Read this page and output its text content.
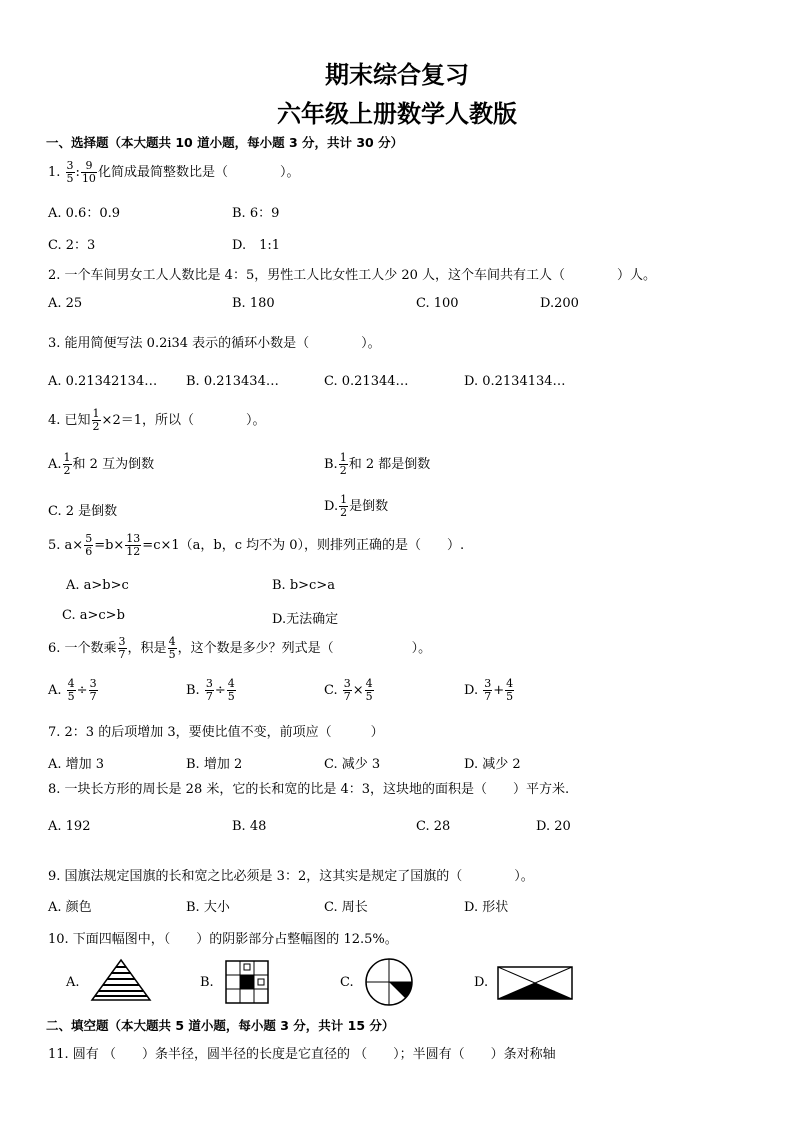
期末综合复习
六年级上册数学人教版
一、选择题（本大题共 10 道小题，每小题 3 分，共计 30 分）
1. $\frac{3}{5}$ : $\frac{9}{10}$ 化简成最简整数比是（　　　　）。
A. 0.6：0.9	B. 6：9
C. 2：3	D.　1:1
2. 一个车间男女工人人数比是 4：5，男性工人比女性工人少 20 人，这个车间共有工人（　　　　）人。
A. 25	B. 180	C. 100	D.200
3. 能用简便写法 0.2i34 表示的循环小数是（　　　　）。
A. 0.21342134… B. 0.213434…	C. 0.21344…	D. 0.2134134…
4. 已知 $\frac{1}{2} \times 2=1$，所以（　　　　）。
A. $\frac{1}{2}$ 和 2 互为倒数	B. $\frac{1}{2}$ 和 2 都是倒数
C. 2 是倒数	D. $\frac{1}{2}$ 是倒数
5. $a\times \frac{5}{6} =b\times \frac{13}{12} =c\times 1(a$，b，c 均不为 0），则排列正确的是（　　）.
A. a>b>c	B. b>c>a
C. a>c>b	D.无法确定
6. 一个数乘 $\frac{3}{7}$ ，积是 $\frac{4}{5}$ ，这个数是多少？列式是（　　　　　　）。
A. $\frac{4}{5} \div \frac{3}{7}$	B. $\frac{3}{7} \div \frac{4}{5}$	C. $\frac{3}{7} \times \frac{4}{5}$	D. $\frac{3}{7} + \frac{4}{5}$
7. 2：3 的后项增加 3，要使比值不变，前项应（　　　）
A. 增加 3	B. 增加 2	C. 减少 3	D. 减少 2
8. 一块长方形的周长是 28 米，它的长和宽的比是 4：3，这块地的面积是（　　）平方米.
A. 192	B. 48	C. 28	D. 20
9. 国旗法规定国旗的长和宽之比必须是 3：2，这其实是规定了国旗的（　　　　）。
A. 颜色	B. 大小	C. 周长	D. 形状
10. 下面四幅图中，（　　）的阴影部分占整幅图的 12.5%。
A.	B.	C.	D.
二、填空题（本大题共 5 道小题，每小题 3 分，共计 15 分）
11. 圆有 （　　）条半径，圆半径的长度是它直径的 （　　）；半圆有（　　）条对称轴
